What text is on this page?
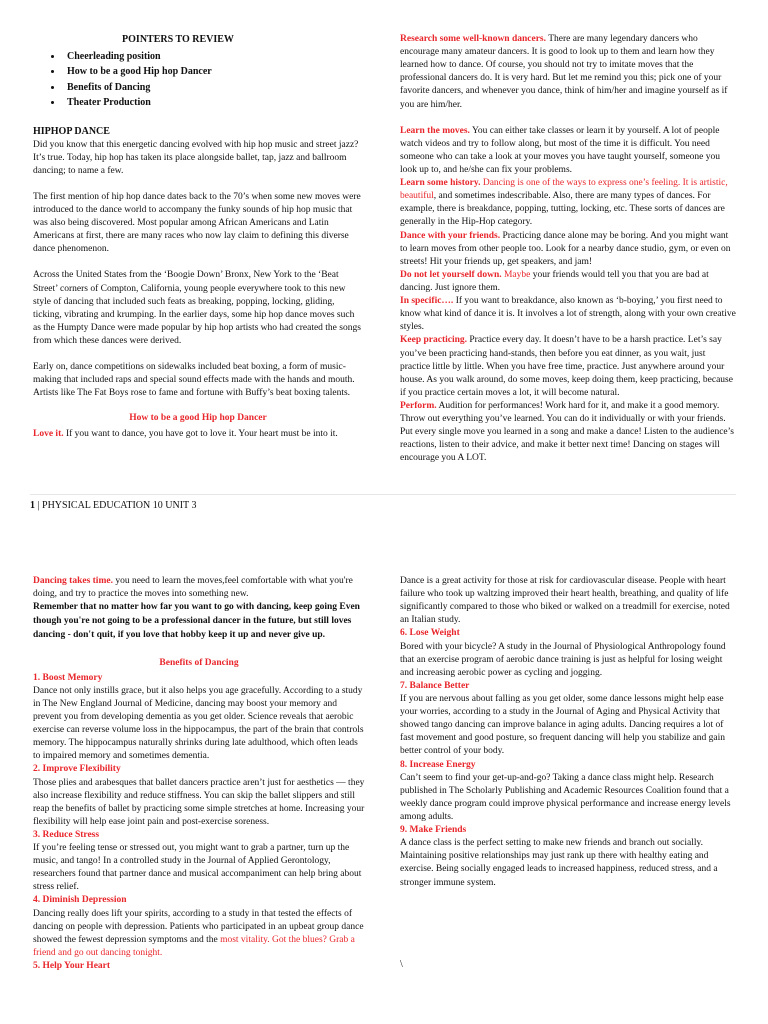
POINTERS TO REVIEW
• Cheerleading position
• How to be a good Hip hop Dancer
• Benefits of Dancing
• Theater Production
HIPHOP DANCE

Did you know that this energetic dancing evolved with hip hop music and street jazz? It’s true. Today, hip hop has taken its place alongside ballet, tap, jazz and ballroom dancing; to name a few.

The first mention of hip hop dance dates back to the 70’s when some new moves were introduced to the dance world to accompany the funky sounds of hip hop music that was also being discovered. Most popular among African Americans and Latin Americans at first, there are many races who now lay claim to defining this diverse dance phenomenon.

Across the United States from the ‘Boogie Down’ Bronx, New York to the ‘Beat Street’ corners of Compton, California, young people everywhere took to this new style of dancing that included such feats as breaking, popping, locking, gliding, ticking, vibrating and krumping. In the earlier days, some hip hop dance moves such as the Humpty Dance were made popular by hip hop artists who had created the songs from which these dances were derived.

Early on, dance competitions on sidewalks included beat boxing, a form of music-making that included raps and special sound effects made with the hands and mouth. Artists like The Fat Boys rose to fame and fortune with Buffy’s beat boxing talents.

How to be a good Hip hop Dancer

Love it. If you want to dance, you have got to love it. Your heart must be into it.

Research some well-known dancers. There are many legendary dancers who encourage many amateur dancers. It is good to look up to them and learn how they learned how to dance. Of course, you should not try to imitate moves that the professional dancers do. It is very hard. But let me remind you this; pick one of your favorite dancers, and whenever you dance, think of him/her and imagine yourself as if you are him/her.

Learn the moves. You can either take classes or learn it by yourself. A lot of people watch videos and try to follow along, but most of the time it is difficult. You need someone who can take a look at your moves you have taught yourself, someone you look up to, and he/she can fix your problems.

Learn some history. Dancing is one of the ways to express one’s feeling. It is artistic, beautiful, and sometimes indescribable. Also, there are many types of dances. For example, there is breakdance, popping, tutting, locking, etc. These sorts of dances are generally in the Hip-Hop category.

Dance with your friends. Practicing dance alone may be boring. And you might want to learn moves from other people too. Look for a nearby dance studio, gym, or even on streets! Hit your friends up, get speakers, and jam!

Do not let yourself down. Maybe your friends would tell you that you are bad at dancing. Just ignore them.

In specific…. If you want to breakdance, also known as ‘b-boying,’ you first need to know what kind of dance it is. It involves a lot of strength, along with your own creative styles.

Keep practicing. Practice every day. It doesn’t have to be a harsh practice. Let’s say you’ve been practicing hand-stands, then before you eat dinner, as you wait, just practice little by little. When you have free time, practice. Just anywhere around your house. As you walk around, do some moves, keep doing them, keep practicing, because if you practice certain moves a lot, it will become natural.

Perform. Audition for performances! Work hard for it, and make it a good memory. Throw out everything you’ve learned. You can do it individually or with your friends. Put every single move you learned in a song and make a dance! Listen to the audience’s reactions, listen to their advice, and make it better next time! Dancing on stages will encourage you A LOT.

1 | PHYSICAL EDUCATION 10 UNIT 3

Dancing takes time. you need to learn the moves,feel comfortable with what you're doing, and try to practice the moves into something new.

Remember that no matter how far you want to go with dancing, keep going Even though you're not going to be a professional dancer in the future, but still loves dancing - don't quit, if you love that hobby keep it up and never give up.

Benefits of Dancing
1. Boost Memory

Dance not only instills grace, but it also helps you age gracefully. According to a study in The New England Journal of Medicine, dancing may boost your memory and prevent you from developing dementia as you get older. Science reveals that aerobic exercise can reverse volume loss in the hippocampus, the part of the brain that controls memory. The hippocampus naturally shrinks during late adulthood, which often leads to impaired memory and sometimes dementia.

2. Improve Flexibility

Those plies and arabesques that ballet dancers practice aren’t just for aesthetics — they also increase flexibility and reduce stiffness. You can skip the ballet slippers and still reap the benefits of ballet by practicing some simple stretches at home. Increasing your flexibility will help ease joint pain and post-exercise soreness.

3. Reduce Stress

If you’re feeling tense or stressed out, you might want to grab a partner, turn up the music, and tango! In a controlled study in the Journal of Applied Gerontology, researchers found that partner dance and musical accompaniment can help bring about stress relief.

4. Diminish Depression

Dancing really does lift your spirits, according to a study in that tested the effects of dancing on people with depression. Patients who participated in an upbeat group dance showed the fewest depression symptoms and the most vitality. Got the blues? Grab a friend and go out dancing tonight.

5. Help Your Heart

Dance is a great activity for those at risk for cardiovascular disease. People with heart failure who took up waltzing improved their heart health, breathing, and quality of life significantly compared to those who biked or walked on a treadmill for exercise, noted an Italian study.

6. Lose Weight

Bored with your bicycle? A study in the Journal of Physiological Anthropology found that an exercise program of aerobic dance training is just as helpful for losing weight and increasing aerobic power as cycling and jogging.

7. Balance Better

If you are nervous about falling as you get older, some dance lessons might help ease your worries, according to a study in the Journal of Aging and Physical Activity that showed tango dancing can improve balance in aging adults. Dancing requires a lot of fast movement and good posture, so frequent dancing will help you stabilize and gain better control of your body.

8. Increase Energy

Can’t seem to find your get-up-and-go? Taking a dance class might help. Research published in The Scholarly Publishing and Academic Resources Coalition found that a weekly dance program could improve physical performance and increase energy levels among adults.

9. Make Friends

A dance class is the perfect setting to make new friends and branch out socially. Maintaining positive relationships may just rank up there with healthy eating and exercise. Being socially engaged leads to increased happiness, reduced stress, and a stronger immune system.

\
